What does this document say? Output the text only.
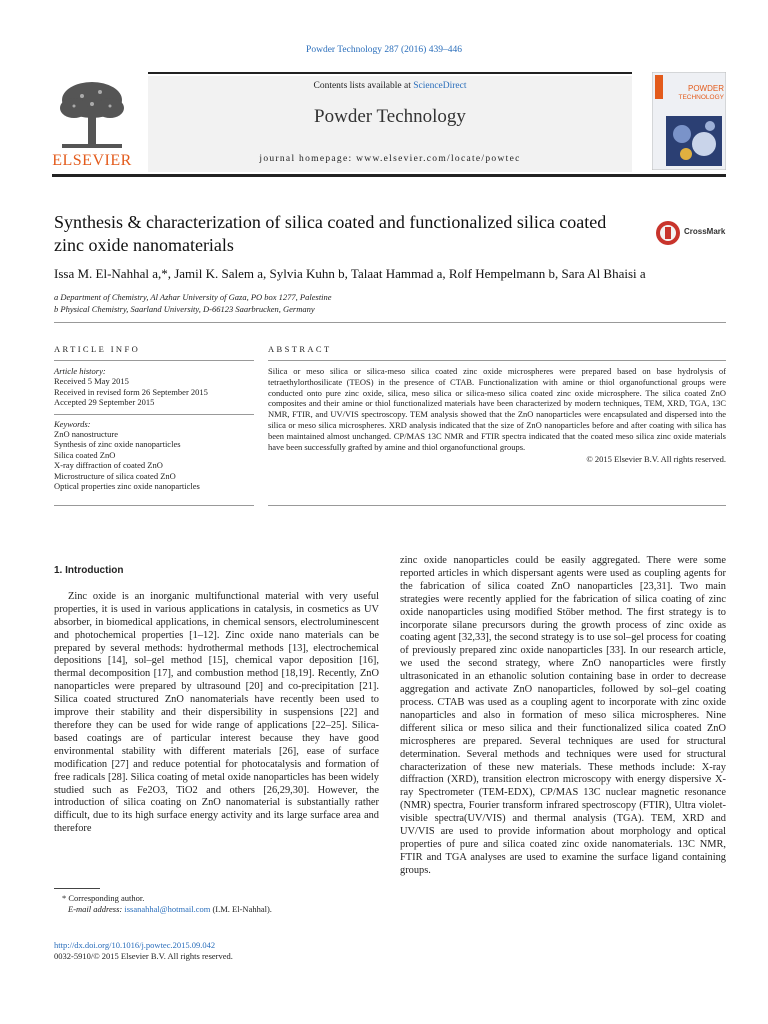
Powder Technology 287 (2016) 439–446
ELSEVIER
Contents lists available at ScienceDirect
Powder Technology
journal homepage: www.elsevier.com/locate/powtec
POWDER
TECHNOLOGY
Synthesis & characterization of silica coated and functionalized silica coated zinc oxide nanomaterials
CrossMark
Issa M. El-Nahhal a,*, Jamil K. Salem a, Sylvia Kuhn b, Talaat Hammad a, Rolf Hempelmann b, Sara Al Bhaisi a
a Department of Chemistry, Al Azhar University of Gaza, PO box 1277, Palestine
b Physical Chemistry, Saarland University, D-66123 Saarbrucken, Germany
ARTICLE INFO	ABSTRACT
Article history:
Received 5 May 2015
Received in revised form 26 September 2015
Accepted 29 September 2015
Keywords:
ZnO nanostructure
Synthesis of zinc oxide nanoparticles
Silica coated ZnO
X-ray diffraction of coated ZnO
Microstructure of silica coated ZnO
Optical properties zinc oxide nanoparticles
Silica or meso silica or silica-meso silica coated zinc oxide microspheres were prepared based on base hydrolysis of tetraethylorthosilicate (TEOS) in the presence of CTAB. Functionalization with amine or thiol organofunctional groups were conducted onto pure zinc oxide, silica, meso silica or silica-meso silica coated zinc oxide microsphere. The silica coated ZnO composites and their amine or thiol functionalized materials have been characterized by modern techniques, TEM, XRD, TGA, 13C NMR, FTIR, and UV/VIS spectroscopy. TEM analysis showed that the ZnO nanoparticles were encapsulated and dispersed into the silica or meso silica microspheres. XRD analysis indicated that the size of ZnO nanoparticles before and after coating with silica has been maintained almost unchanged. CP/MAS 13C NMR and FTIR spectra indicated that the coated meso silica zinc oxide materials have been successfully grafted by amine and thiol organofunctional groups.
© 2015 Elsevier B.V. All rights reserved.

1. Introduction

Zinc oxide is an inorganic multifunctional material with very useful properties, it is used in various applications in catalysis, in cosmetics as UV absorber, in biomedical applications, in chemical sensors, electroluminescent and photochemical properties [1–12]. Zinc oxide nano materials can be prepared by several methods: hydrothermal methods [13], electrochemical depositions [14], sol–gel method [15], chemical vapor deposition [16], thermal decomposition [17], and combustion method [18,19]. Recently, ZnO nanoparticles were prepared by ultrasound [20] and co-precipitation [21]. Silica coated structured ZnO nanomaterials have recently been used to improve their stability and their dispersibility in suspensions [22] and therefore they can be used for wide range of applications [22–25]. Silica-based coatings are of particular interest because they have good environmental stability with different materials [26], ease of surface modification [27] and reduce potential for photocatalysis and formation of free radicals [28]. Silica coating of metal oxide nanoparticles has been widely studied such as Fe2O3, TiO2 and others [26,29,30]. However, the introduction of silica coating on ZnO nanomaterial is substantially rather difficult, due to its high surface energy activity and its large surface area and therefore

zinc oxide nanoparticles could be easily aggregated. There were some reported articles in which dispersant agents were used as coupling agents for the fabrication of silica coated ZnO nanoparticles [23,31]. Two main strategies were recently applied for the fabrication of silica coating of zinc oxide nanoparticles using modified Stöber method. The first strategy is to incorporate silane precursors during the growth process of zinc oxide as coating agent [32,33], the second strategy is to use sol–gel process for coating of previously prepared zinc oxide nanoparticles [33]. In our research article, we used the second strategy, where ZnO nanoparticles were firstly ultrasonicated in an ethanolic solution containing base in order to decrease aggregation and activate ZnO nanoparticles, followed by sol–gel coating process. CTAB was used as a coupling agent to incorporate with zinc oxide nanoparticles and also in formation of meso silica microspheres. Nine different silica or meso silica and their functionalized silica coated ZnO microspheres are prepared. Several techniques are used for structural determination. Several methods and techniques were used for structural characterization of these new materials. These methods include: X-ray diffraction (XRD), transition electron microscopy with energy dispersive X-ray Spectrometer (TEM-EDX), CP/MAS 13C nuclear magnetic resonance (NMR) spectra, Fourier transform infrared spectroscopy (FTIR), Ultra violet-visible spectra(UV/VIS) and thermal analysis (TGA). TEM, XRD and UV/VIS are used to provide information about morphology and optical properties of pure and silica coated zinc oxide nanomaterials. 13C NMR, FTIR and TGA analyses are used to examine the surface ligand containing groups.

* Corresponding author.
E-mail address: issanahhal@hotmail.com (I.M. El-Nahhal).
http://dx.doi.org/10.1016/j.powtec.2015.09.042
0032-5910/© 2015 Elsevier B.V. All rights reserved.
